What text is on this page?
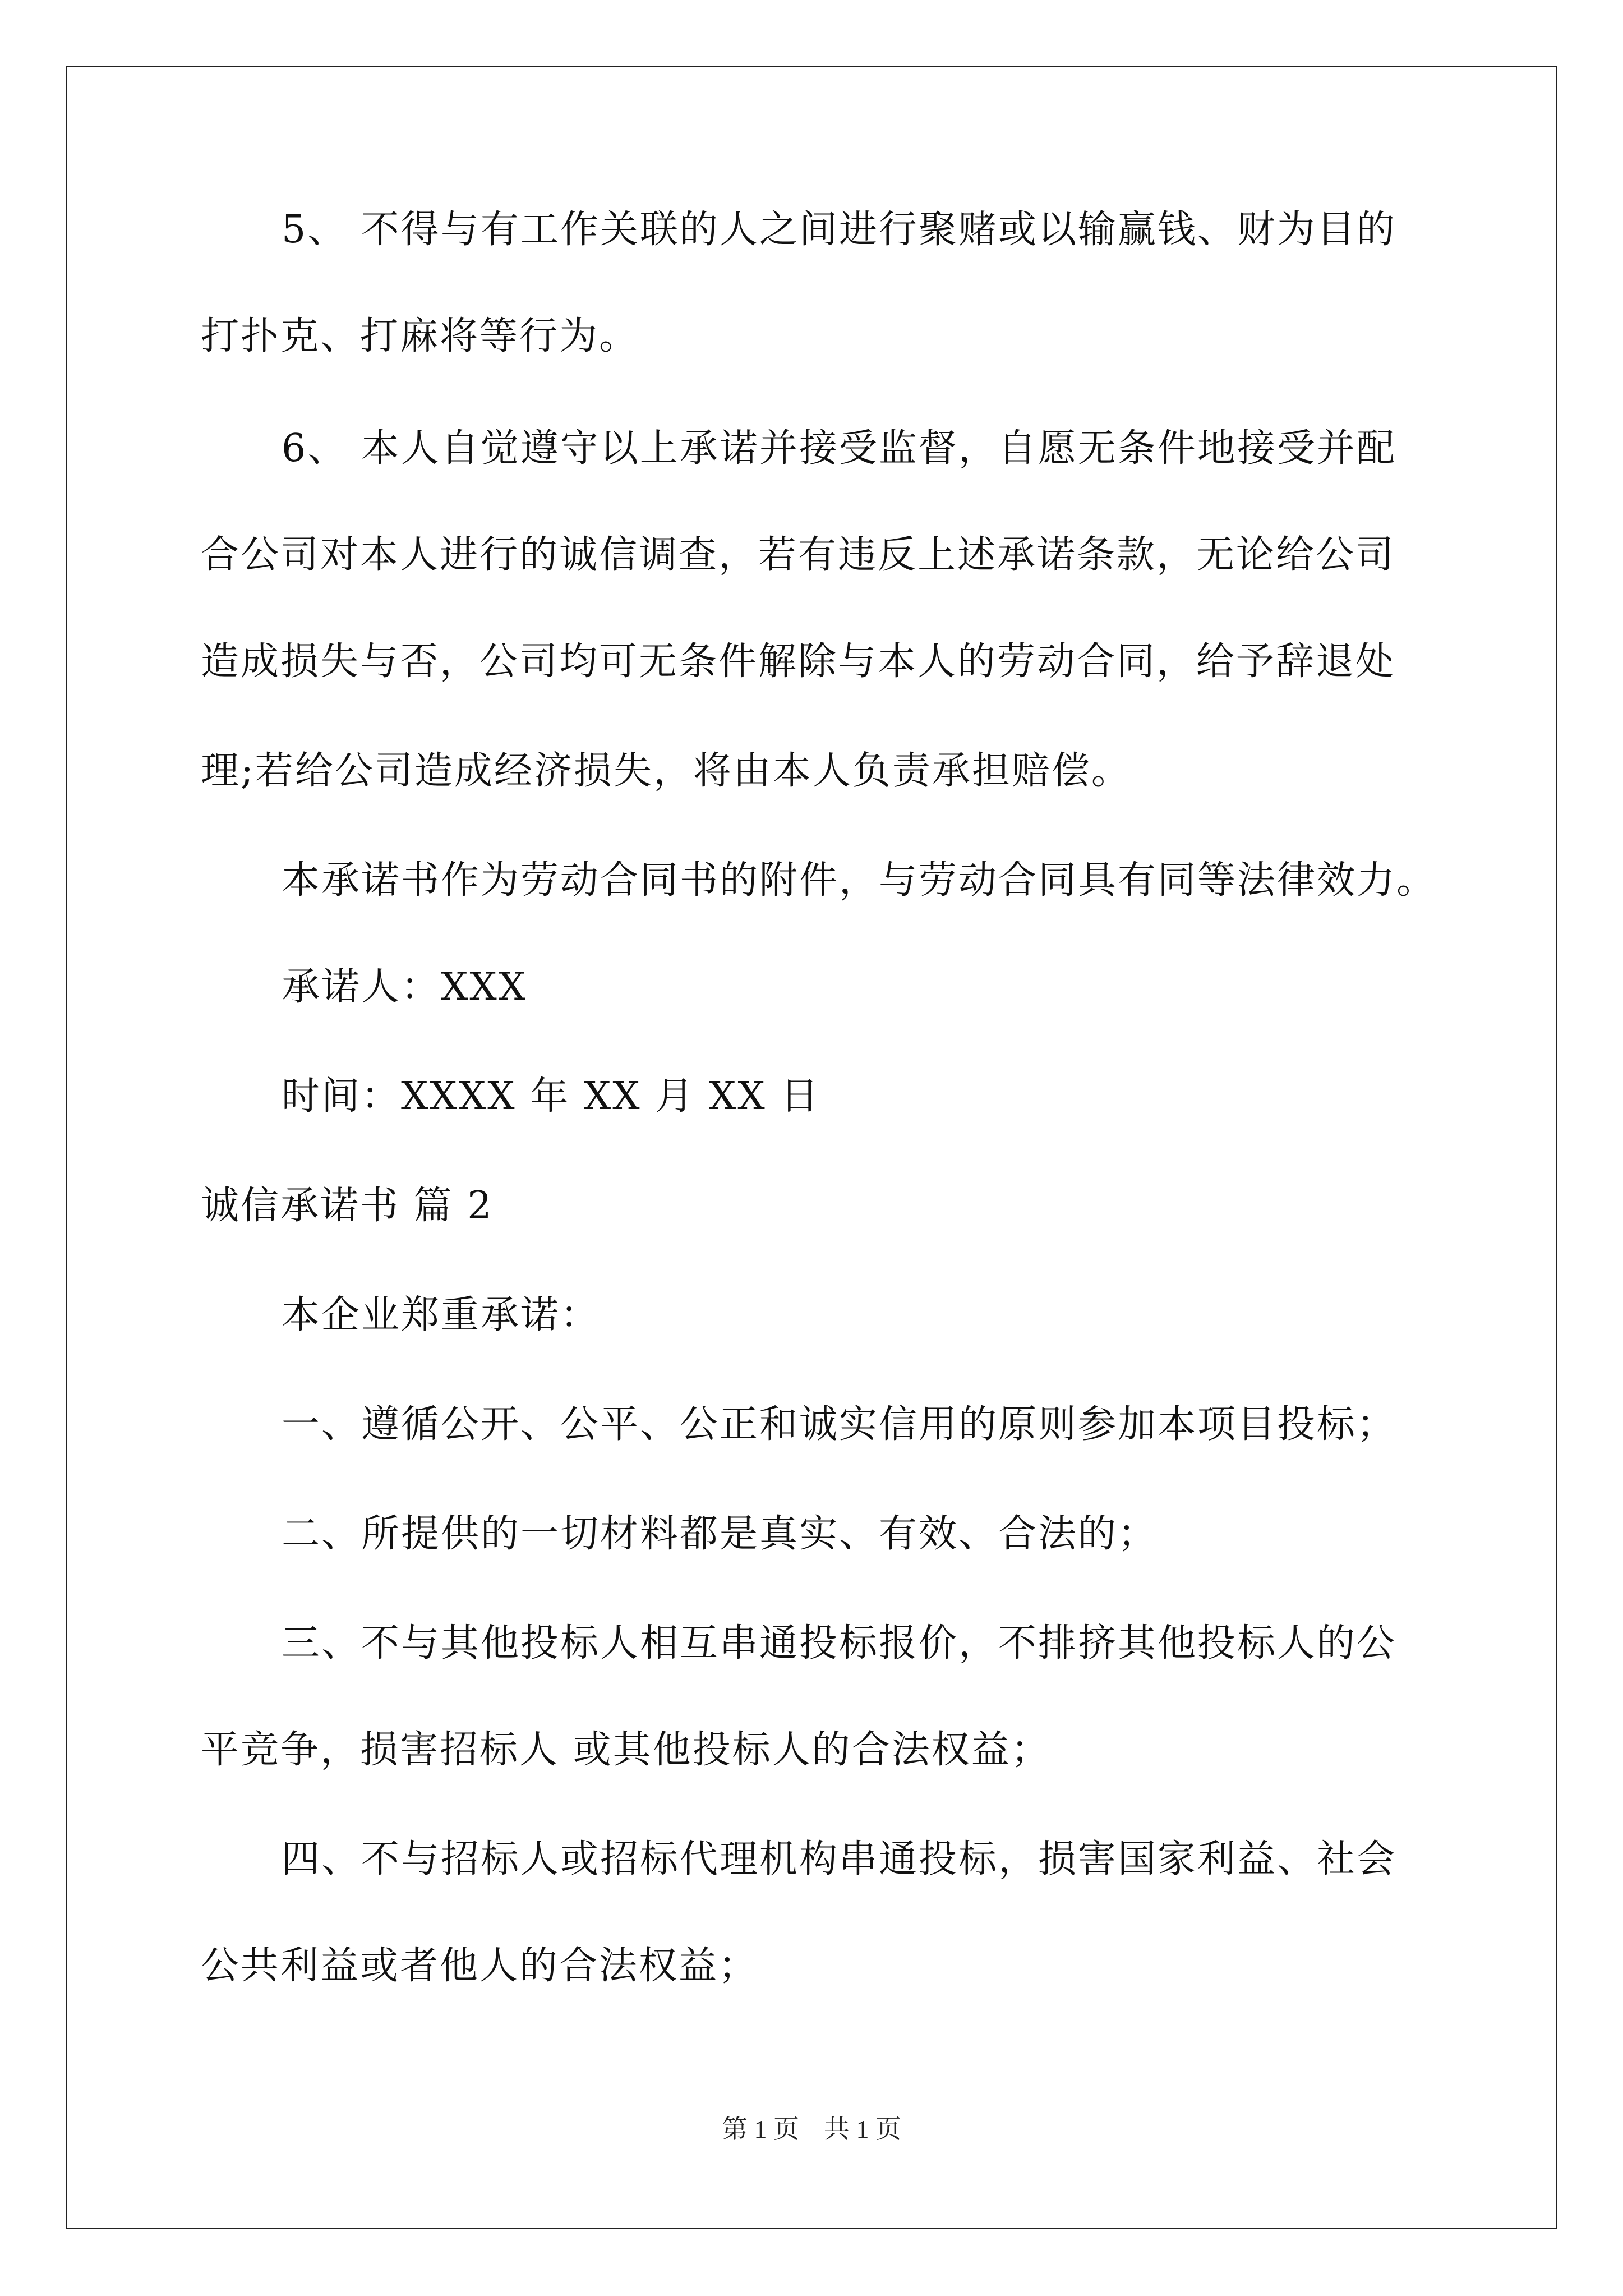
5、 不得与有工作关联的人之间进行聚赌或以输赢钱、财为目的
打扑克、打麻将等行为。
6、 本人自觉遵守以上承诺并接受监督，自愿无条件地接受并配
合公司对本人进行的诚信调查，若有违反上述承诺条款，无论给公司
造成损失与否，公司均可无条件解除与本人的劳动合同，给予辞退处
理;若给公司造成经济损失，将由本人负责承担赔偿。
本承诺书作为劳动合同书的附件，与劳动合同具有同等法律效力。
承诺人：XXX
时间：XXXX 年 XX 月 XX 日
诚信承诺书 篇 2
本企业郑重承诺：
一、遵循公开、公平、公正和诚实信用的原则参加本项目投标；
二、所提供的一切材料都是真实、有效、合法的；
三、不与其他投标人相互串通投标报价，不排挤其他投标人的公
平竞争，损害招标人 或其他投标人的合法权益；
四、不与招标人或招标代理机构串通投标，损害国家利益、社会
公共利益或者他人的合法权益；
第 1 页 共 1 页
